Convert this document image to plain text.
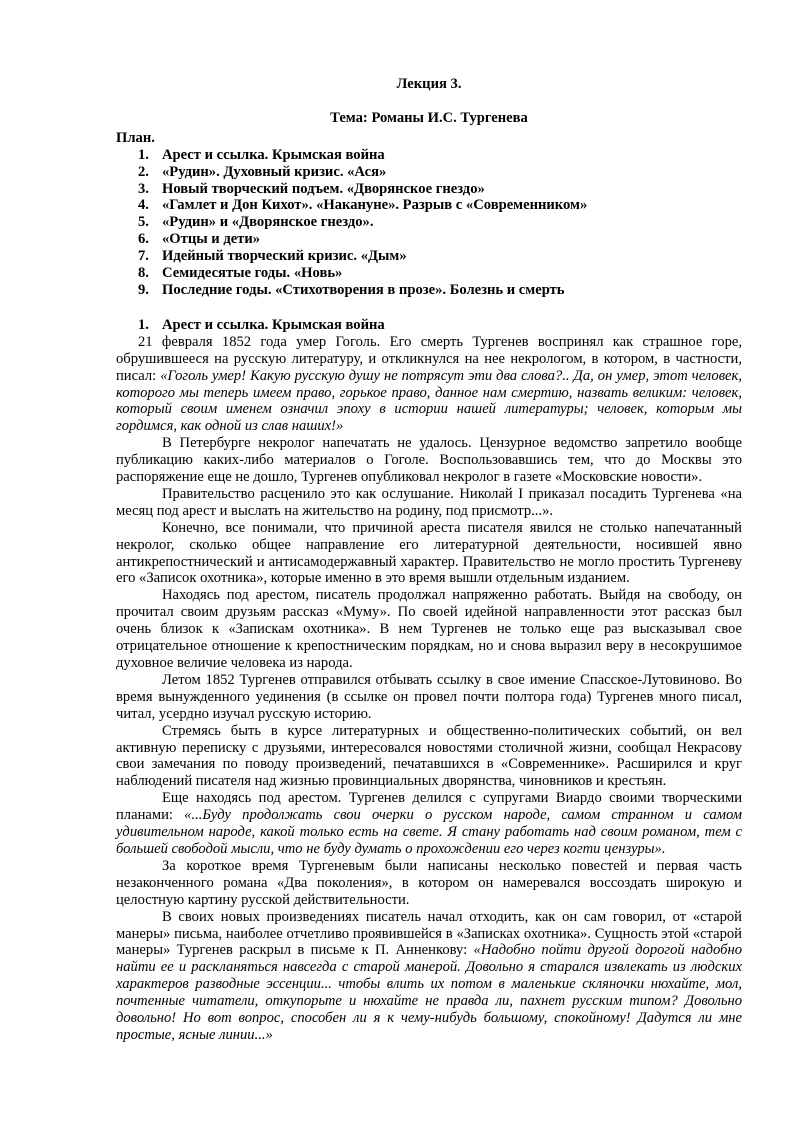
Лекция 3.

Тема: Романы И.С. Тургенева

План.

1. Арест и ссылка. Крымская война
2. «Рудин». Духовный кризис. «Ася»
3. Новый творческий подъем. «Дворянское гнездо»
4. «Гамлет и Дон Кихот». «Накануне». Разрыв с «Современником»
5. «Рудин» и «Дворянское гнездо».
6. «Отцы и дети»
7. Идейный творческий кризис. «Дым»
8. Семидесятые годы. «Новь»
9. Последние годы. «Стихотворения в прозе». Болезнь и смерть
1. Арест и ссылка. Крымская война

21 февраля 1852 года умер Гоголь. Его смерть Тургенев воспринял как страшное горе, обрушившееся на русскую литературу, и откликнулся на нее некрологом, в котором, в частности, писал: «Гоголь умер! Какую русскую душу не потрясут эти два слова?.. Да, он умер, этот человек, которого мы теперь имеем право, горькое право, данное нам смертию, назвать великим: человек, который своим именем означил эпоху в истории нашей литературы; человек, которым мы гордимся, как одной из слав наших!»

В Петербурге некролог напечатать не удалось. Цензурное ведомство запретило вообще публикацию каких-либо материалов о Гоголе. Воспользовавшись тем, что до Москвы это распоряжение еще не дошло, Тургенев опубликовал некролог в газете «Московские новости».

Правительство расценило это как ослушание. Николай I приказал посадить Тургенева «на месяц под арест и выслать на жительство на родину, под присмотр...».

Конечно, все понимали, что причиной ареста писателя явился не столько напечатанный некролог, сколько общее направление его литературной деятельности, носившей явно антикрепостнический и антисамодержавный характер. Правительство не могло простить Тургеневу его «Записок охотника», которые именно в это время вышли отдельным изданием.

Находясь под арестом, писатель продолжал напряженно работать. Выйдя на свободу, он прочитал своим друзьям рассказ «Муму». По своей идейной направленности этот рассказ был очень близок к «Запискам охотника». В нем Тургенев не только еще раз высказывал свое отрицательное отношение к крепостническим порядкам, но и снова выразил веру в несокрушимое духовное величие человека из народа.

Летом 1852 Тургенев отправился отбывать ссылку в свое имение Спасское-Лутовиново. Во время вынужденного уединения (в ссылке он провел почти полтора года) Тургенев много писал, читал, усердно изучал русскую историю.

Стремясь быть в курсе литературных и общественно-политических событий, он вел активную переписку с друзьями, интересовался новостями столичной жизни, сообщал Некрасову свои замечания по поводу произведений, печатавшихся в «Современнике». Расширился и круг наблюдений писателя над жизнью провинциальных дворянства, чиновников и крестьян.

Еще находясь под арестом. Тургенев делился с супругами Виардо своими творческими планами: «...Буду продолжать свои очерки о русском народе, самом странном и самом удивительном народе, какой только есть на свете. Я стану работать над своим романом, тем с большей свободой мысли, что не буду думать о прохождении его через когти цензуры».

За короткое время Тургеневым были написаны несколько повестей и первая часть незаконченного романа «Два поколения», в котором он намеревался воссоздать широкую и целостную картину русской действительности.

В своих новых произведениях писатель начал отходить, как он сам говорил, от «старой манеры» письма, наиболее отчетливо проявившейся в «Записках охотника». Сущность этой «старой манеры» Тургенев раскрыл в письме к П. Анненкову: «Надобно пойти другой дорогой надобно найти ее и раскланяться навсегда с старой манерой. Довольно я старался извлекать из людских характеров разводные эссенции... чтобы влить их потом в маленькие скляночки нюхайте, мол, почтенные читатели, откупорьте и нюхайте не правда ли, пахнет русским типом? Довольно довольно! Но вот вопрос, способен ли я к чему-нибудь большому, спокойному! Дадутся ли мне простые, ясные линии...»
